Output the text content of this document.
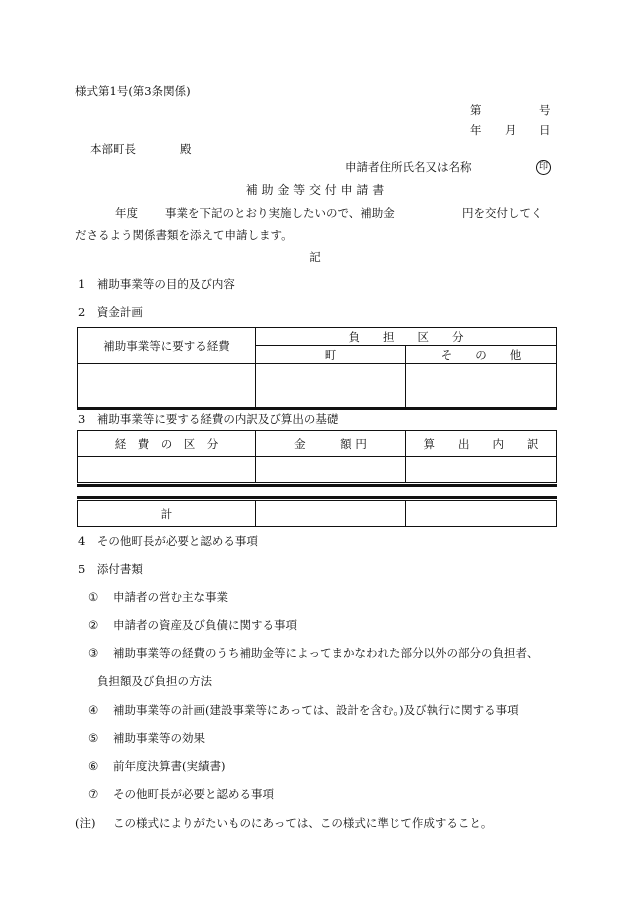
様式第1号(第3条関係)
第	号
年 月 日
本部町長	殿
申請者住所氏名又は名称	印
補 助 金 等 交 付 申 請 書
年度 事業を下記のとおり実施したいので、補助金	円を交付してく
ださるよう関係書類を添えて申請します。
記
1　補助事業等の目的及び内容
2　資金計画
補助事業等に要する経費	負　　担　　区　　分	
	町	そ　　の　　他

3　補助事業等に要する経費の内訳及び算出の基礎
経　費　の　区　分	金　　　額 円	算　　出　　内　　訳

計		
4　その他町長が必要と認める事項
5　添付書類
① 申請者の営む主な事業
② 申請者の資産及び負債に関する事項
③ 補助事業等の経費のうち補助金等によってまかなわれた部分以外の部分の負担者、
負担額及び負担の方法
④ 補助事業等の計画(建設事業等にあっては、設計を含む。)及び執行に関する事項
⑤ 補助事業等の効果
⑥ 前年度決算書(実績書)
⑦ その他町長が必要と認める事項
(注) この様式によりがたいものにあっては、この様式に準じて作成すること。
